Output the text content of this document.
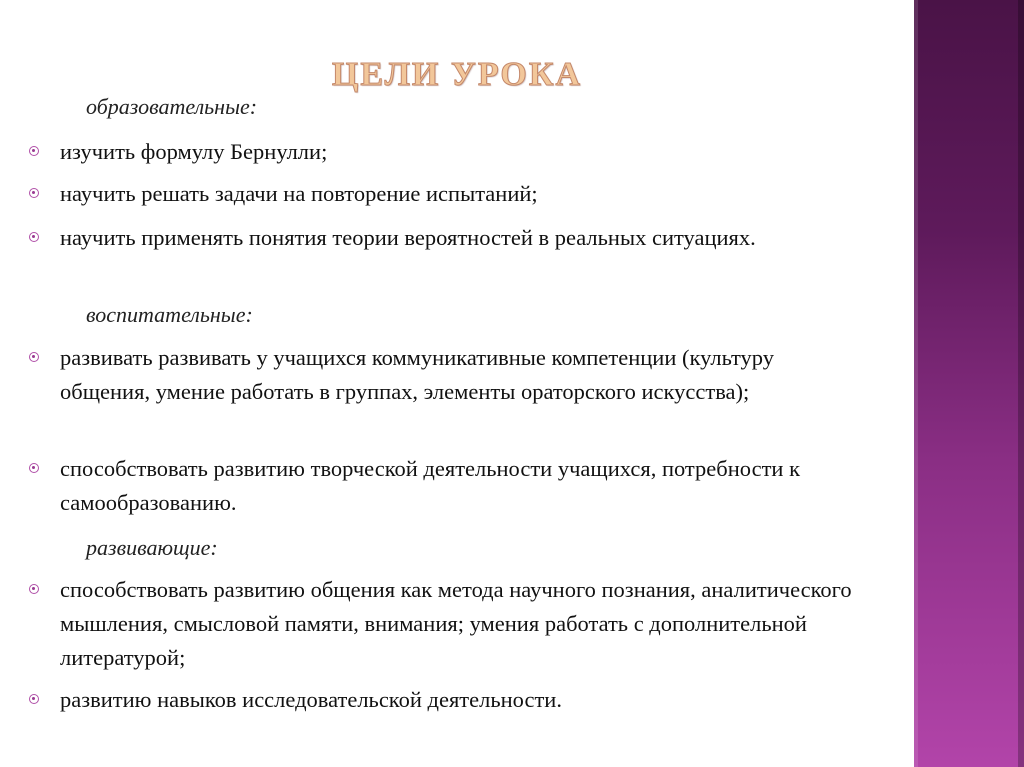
ЦЕЛИ УРОКА
образовательные:
изучить формулу Бернулли;
научить решать задачи на повторение испытаний;
научить применять понятия теории вероятностей в реальных ситуациях.
воспитательные:
развивать развивать у учащихся коммуникативные компетенции (культуру общения, умение работать в группах, элементы ораторского искусства);
способствовать развитию творческой деятельности учащихся, потребности к самообразованию.
развивающие:
способствовать развитию общения как метода научного познания, аналитического мышления, смысловой памяти, внимания; умения работать с дополнительной литературой;
развитию навыков исследовательской деятельности.
